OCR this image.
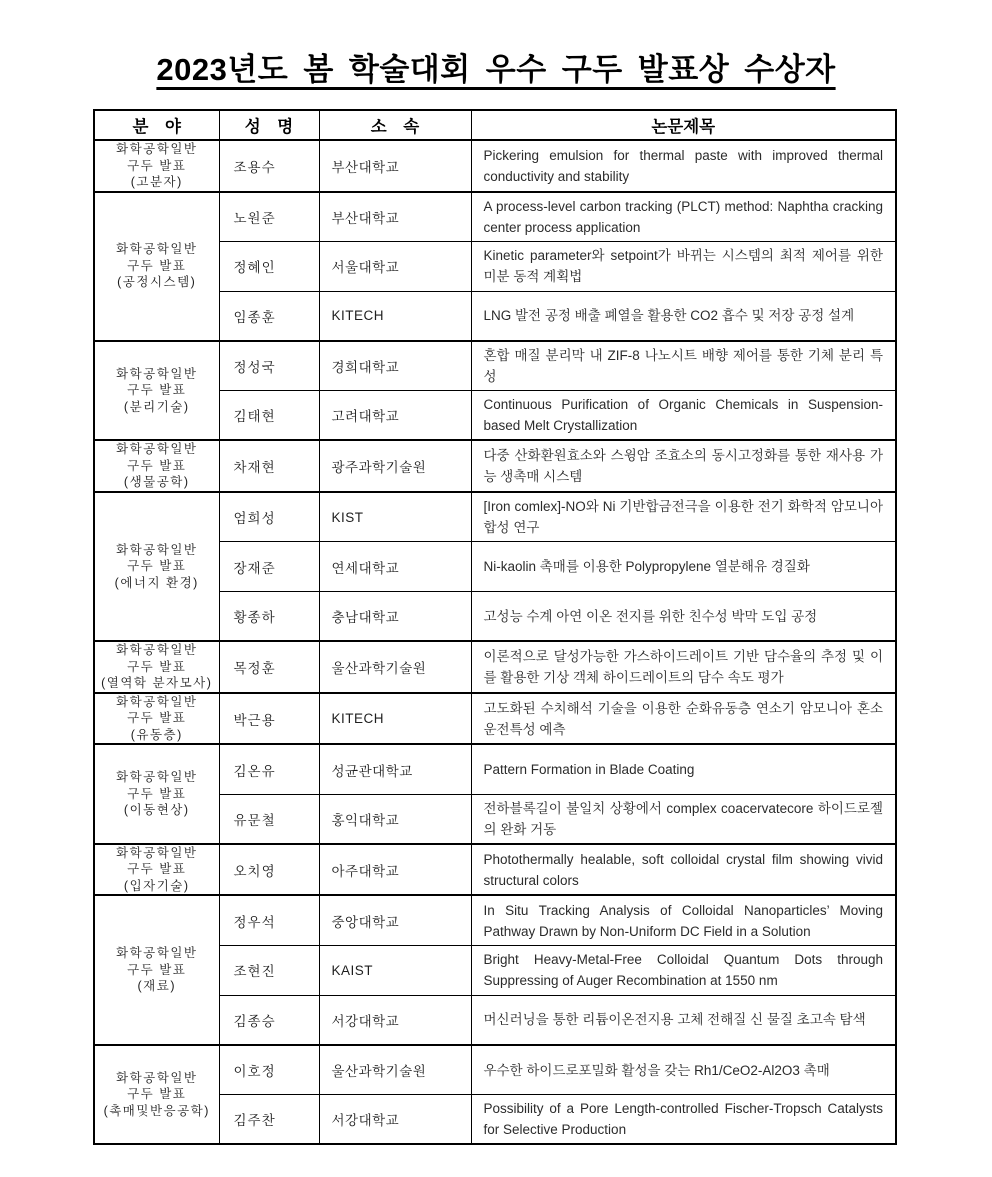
2023년도 봄 학술대회 우수 구두 발표상 수상자
분　야	성　명	소　속	논문제목

화학공학일반
구두 발표
(고분자)	조용수	부산대학교	Pickering emulsion for thermal paste with improved thermal conductivity and stability

화학공학일반
구두 발표
(공정시스템)	노원준	부산대학교	A process-level carbon tracking (PLCT) method: Naphtha cracking center process application
	정혜인	서울대학교	Kinetic parameter와 setpoint가 바뀌는 시스템의 최적 제어를 위한 미분 동적 계획법
	임종훈	KITECH	LNG 발전 공정 배출 폐열을 활용한 CO2 흡수 및 저장 공정 설계

화학공학일반
구두 발표
(분리기술)	정성국	경희대학교	혼합 매질 분리막 내 ZIF-8 나노시트 배향 제어를 통한 기체 분리 특성
	김태현	고려대학교	Continuous Purification of Organic Chemicals in Suspension-based Melt Crystallization

화학공학일반
구두 발표
(생물공학)	차재현	광주과학기술원	다중 산화환원효소와 스윙암 조효소의 동시고정화를 통한 재사용 가능 생촉매 시스템

화학공학일반
구두 발표
(에너지 환경)	엄희성	KIST	[Iron comlex]-NO와 Ni 기반합금전극을 이용한 전기 화학적 암모니아 합성 연구
	장재준	연세대학교	Ni-kaolin 촉매를 이용한 Polypropylene 열분해유 경질화
	황종하	충남대학교	고성능 수계 아연 이온 전지를 위한 친수성 박막 도입 공정

화학공학일반
구두 발표
(열역학 분자모사)	목정훈	울산과학기술원	이론적으로 달성가능한 가스하이드레이트 기반 담수율의 추정 및 이를 활용한 기상 객체 하이드레이트의 담수 속도 평가

화학공학일반
구두 발표
(유동층)	박근용	KITECH	고도화된 수치해석 기술을 이용한 순화유동층 연소기 암모니아 혼소 운전특성 예측

화학공학일반
구두 발표
(이동현상)	김온유	성균관대학교	Pattern Formation in Blade Coating
	유문철	홍익대학교	전하블록길이 불일치 상황에서 complex coacervatecore 하이드로젤의 완화 거동

화학공학일반
구두 발표
(입자기술)	오치영	아주대학교	Photothermally healable, soft colloidal crystal film showing vivid structural colors

화학공학일반
구두 발표
(재료)	정우석	중앙대학교	In Situ Tracking Analysis of Colloidal Nanoparticles’ Moving Pathway Drawn by Non-Uniform DC Field in a Solution
	조현진	KAIST	Bright Heavy-Metal-Free Colloidal Quantum Dots through Suppressing of Auger Recombination at 1550 nm
	김종승	서강대학교	머신러닝을 통한 리튬이온전지용 고체 전해질 신 물질 초고속 탐색

화학공학일반
구두 발표
(촉매및반응공학)	이호정	울산과학기술원	우수한 하이드로포밀화 활성을 갖는 Rh1/CeO2-Al2O3 촉매
	김주찬	서강대학교	Possibility of a Pore Length-controlled Fischer-Tropsch Catalysts for Selective Production
